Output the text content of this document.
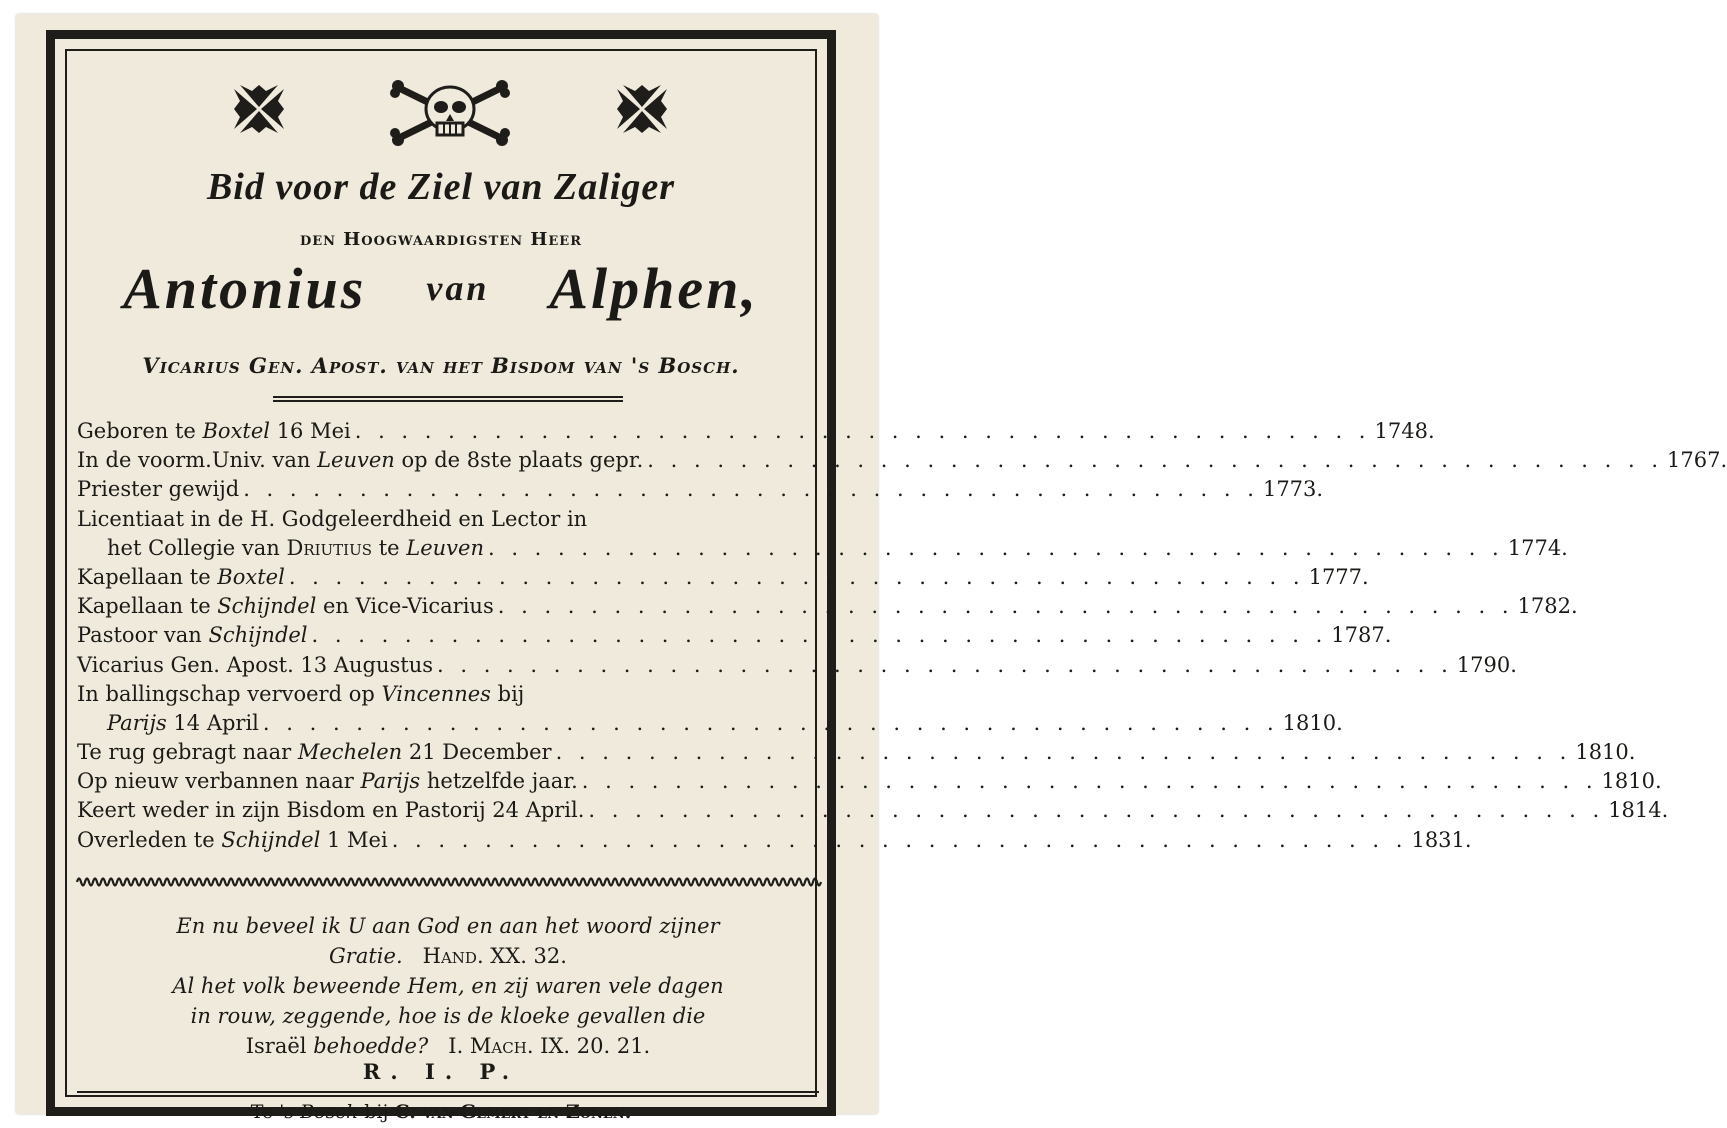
Bid voor de Ziel van Zaliger
den Hoogwaardigsten Heer
Antonius van Alphen,
Vicarius Gen. Apost. van het Bisdom van 's Bosch.
Geboren te Boxtel 16 Mei . . . . . . . . . . . . . . . . . . . . . . . . . . . . . . . . . . . . . . . . . . . . 1748.
In de voorm.Univ. van Leuven op de 8ste plaats gepr. . . . . . . . . . . . . . . . . . . . . . . . . . . . . . . . . . . . . . . . . . . . . 1767.
Priester gewijd . . . . . . . . . . . . . . . . . . . . . . . . . . . . . . . . . . . . . . . . . . . . 1773.
Licentiaat in de H. Godgeleerdheid en Lector in
het Collegie van Driutius te Leuven . . . . . . . . . . . . . . . . . . . . . . . . . . . . . . . . . . . . . . . . . . . . 1774.
Kapellaan te Boxtel . . . . . . . . . . . . . . . . . . . . . . . . . . . . . . . . . . . . . . . . . . . . 1777.
Kapellaan te Schijndel en Vice-Vicarius . . . . . . . . . . . . . . . . . . . . . . . . . . . . . . . . . . . . . . . . . . . . 1782.
Pastoor van Schijndel . . . . . . . . . . . . . . . . . . . . . . . . . . . . . . . . . . . . . . . . . . . . 1787.
Vicarius Gen. Apost. 13 Augustus . . . . . . . . . . . . . . . . . . . . . . . . . . . . . . . . . . . . . . . . . . . . 1790.
In ballingschap vervoerd op Vincennes bij
Parijs 14 April . . . . . . . . . . . . . . . . . . . . . . . . . . . . . . . . . . . . . . . . . . . . 1810.
Te rug gebragt naar Mechelen 21 December . . . . . . . . . . . . . . . . . . . . . . . . . . . . . . . . . . . . . . . . . . . . 1810.
Op nieuw verbannen naar Parijs hetzelfde jaar. . . . . . . . . . . . . . . . . . . . . . . . . . . . . . . . . . . . . . . . . . . . . 1810.
Keert weder in zijn Bisdom en Pastorij 24 April. . . . . . . . . . . . . . . . . . . . . . . . . . . . . . . . . . . . . . . . . . . . . 1814.
Overleden te Schijndel 1 Mei . . . . . . . . . . . . . . . . . . . . . . . . . . . . . . . . . . . . . . . . . . . . 1831.
En nu beveel ik U aan God en aan het woord zijner
Gratie. Hand. XX. 32.
Al het volk beweende Hem, en zij waren vele dagen
in rouw, zeggende, hoe is de kloeke gevallen die
Israël behoedde? I. Mach. IX. 20. 21.
R. I. P.
Te 's Bosch bij C. van Gemert en Zonen.
